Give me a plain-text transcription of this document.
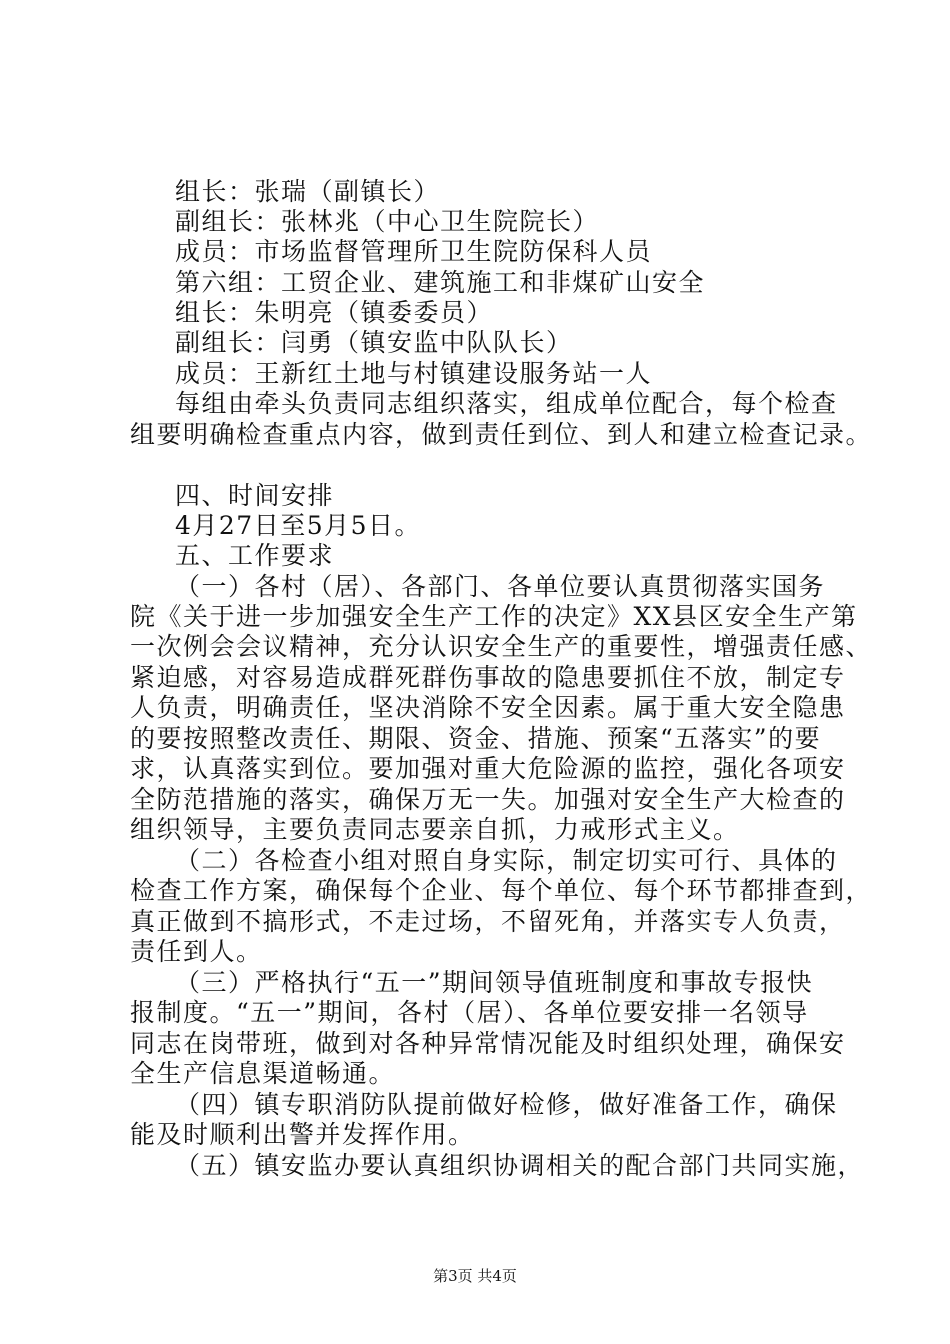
组长：张瑞（副镇长）
副组长：张林兆（中心卫生院院长）
成员：市场监督管理所卫生院防保科人员
第六组：工贸企业、建筑施工和非煤矿山安全
组长：朱明亮（镇委委员）
副组长：闫勇（镇安监中队队长）
成员：王新红土地与村镇建设服务站一人
每组由牵头负责同志组织落实，组成单位配合，每个检查
组要明确检查重点内容，做到责任到位、到人和建立检查记录。
四、时间安排
4月27日至5月5日。
五、工作要求
（一）各村（居）、各部门、各单位要认真贯彻落实国务
院《关于进一步加强安全生产工作的决定》XX县区安全生产第
一次例会会议精神，充分认识安全生产的重要性，增强责任感、
紧迫感，对容易造成群死群伤事故的隐患要抓住不放，制定专
人负责，明确责任，坚决消除不安全因素。属于重大安全隐患
的要按照整改责任、期限、资金、措施、预案“五落实”的要
求，认真落实到位。要加强对重大危险源的监控，强化各项安
全防范措施的落实，确保万无一失。加强对安全生产大检查的
组织领导，主要负责同志要亲自抓，力戒形式主义。
（二）各检查小组对照自身实际，制定切实可行、具体的
检查工作方案，确保每个企业、每个单位、每个环节都排查到，
真正做到不搞形式，不走过场，不留死角，并落实专人负责，
责任到人。
（三）严格执行“五一”期间领导值班制度和事故专报快
报制度。“五一”期间，各村（居）、各单位要安排一名领导
同志在岗带班，做到对各种异常情况能及时组织处理，确保安
全生产信息渠道畅通。
（四）镇专职消防队提前做好检修，做好准备工作，确保
能及时顺利出警并发挥作用。
（五）镇安监办要认真组织协调相关的配合部门共同实施，
第3页 共4页
